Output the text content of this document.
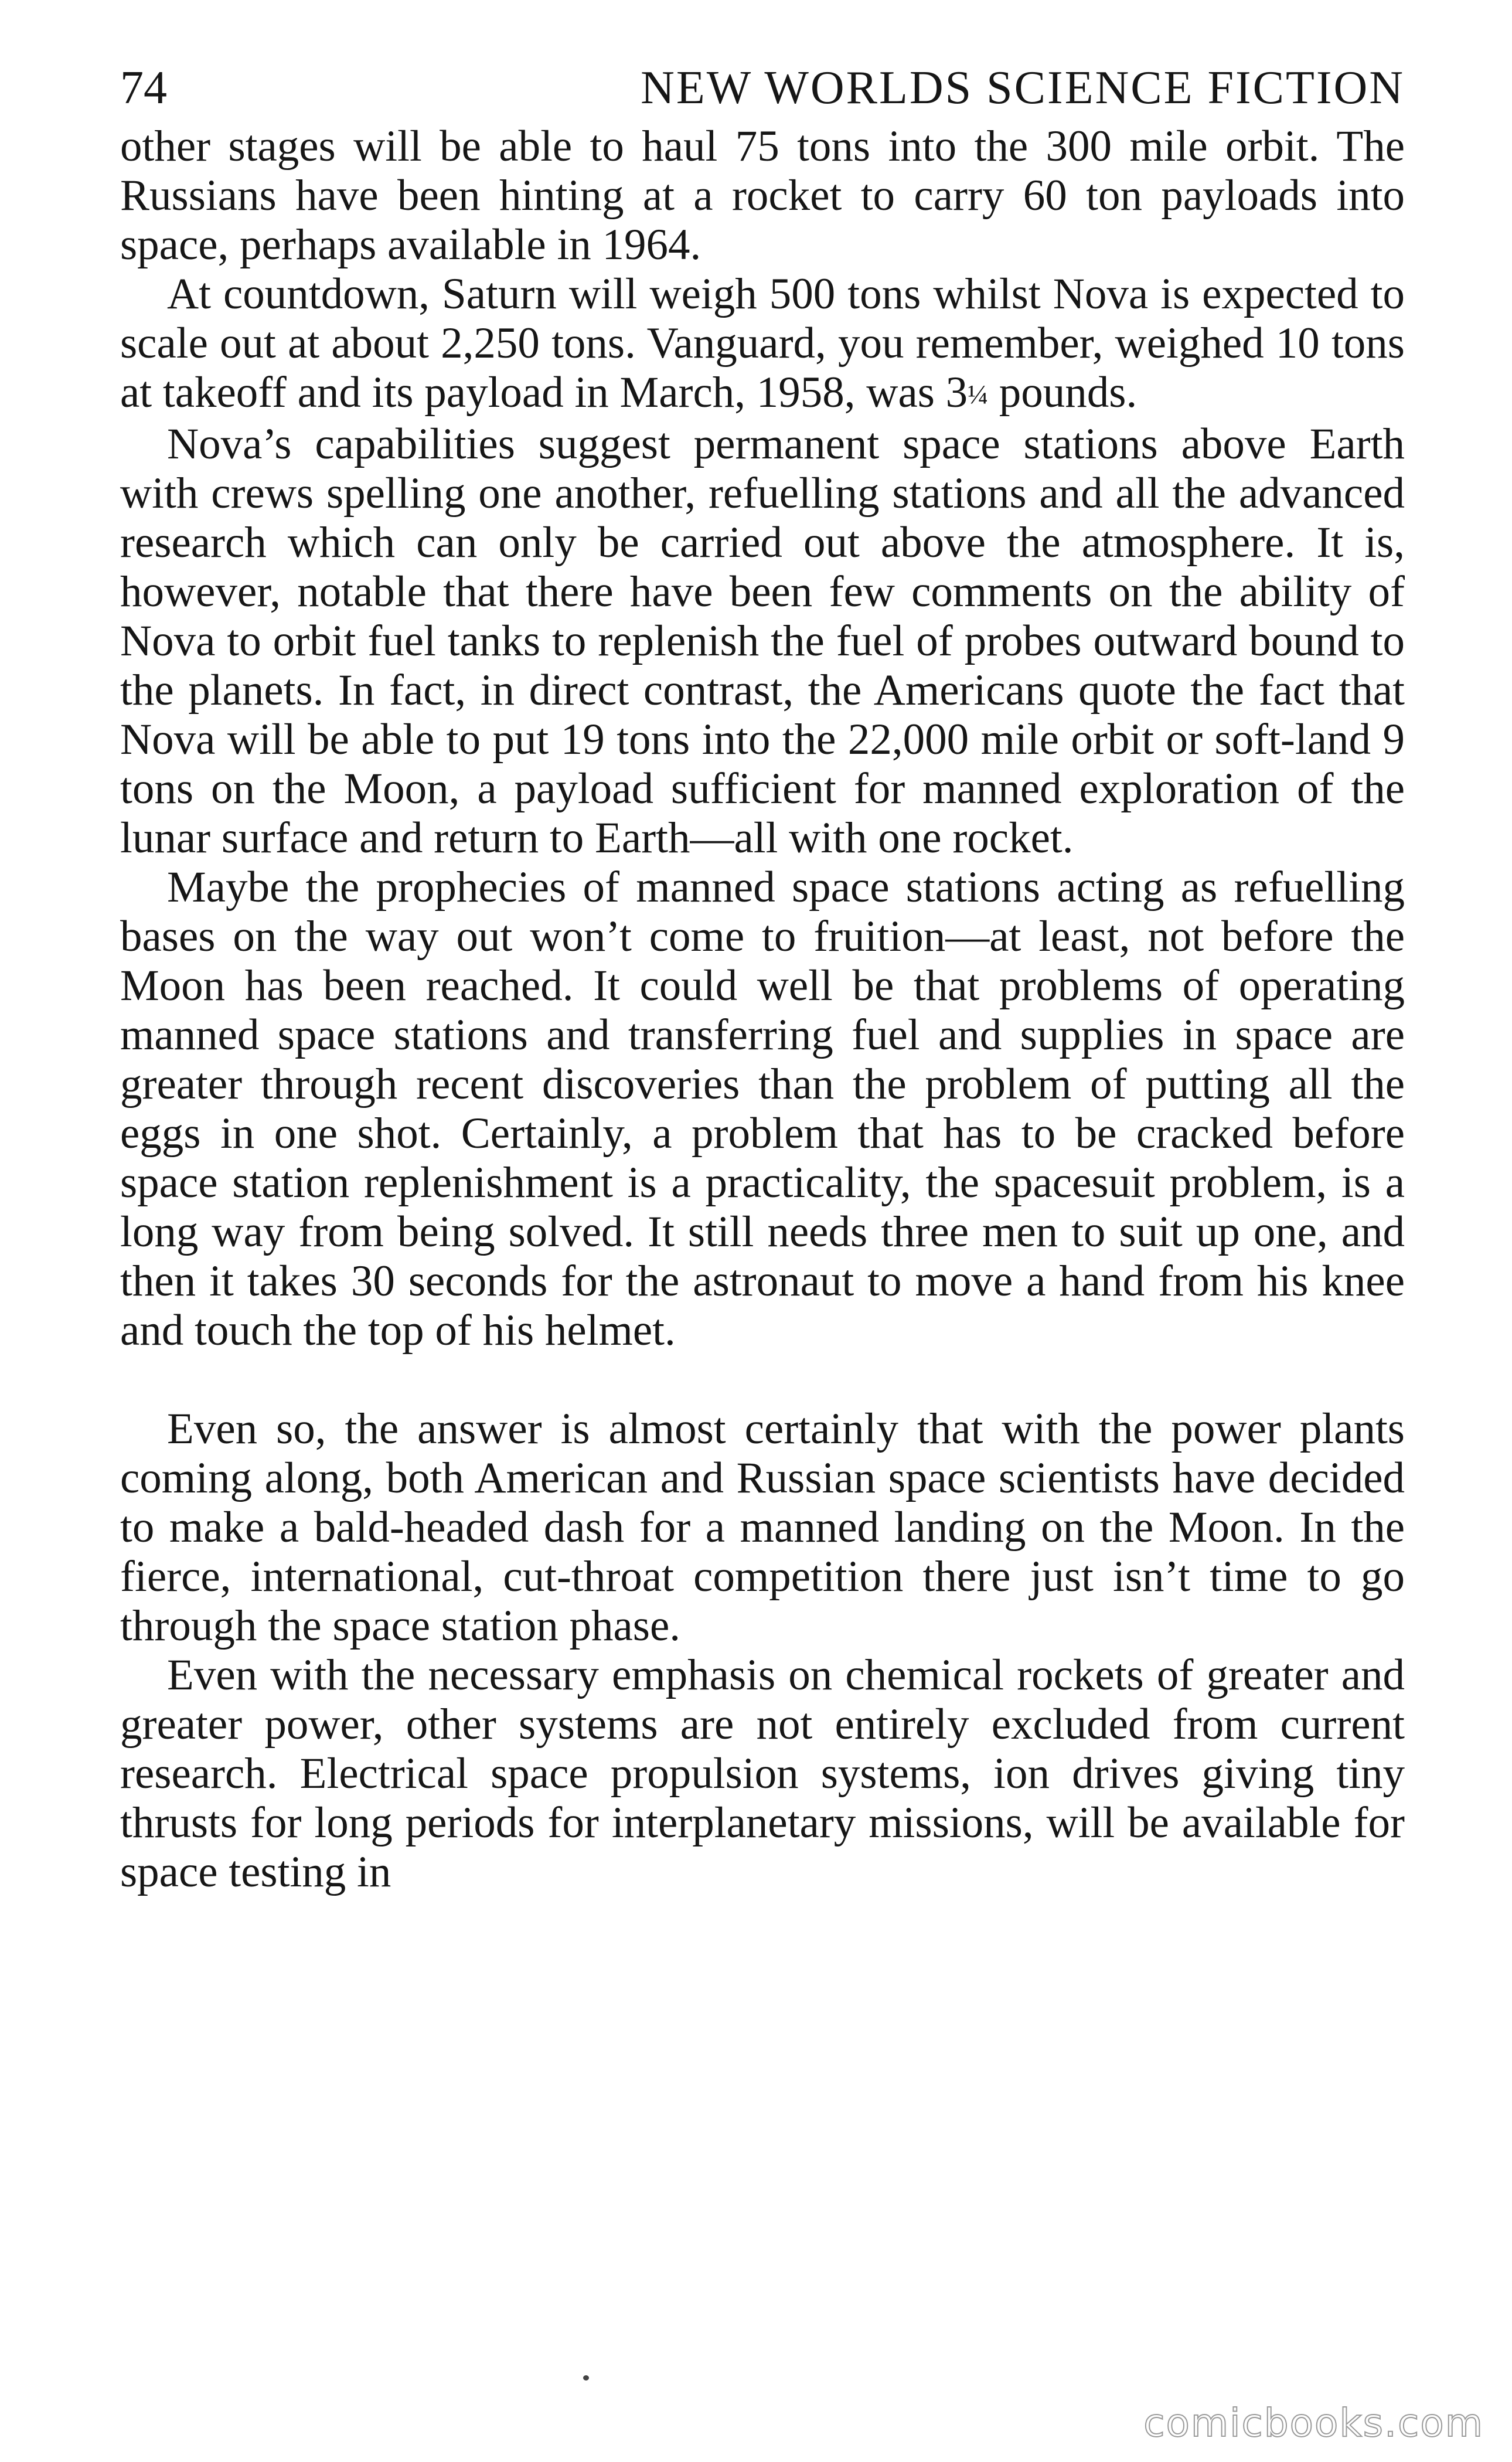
74	NEW WORLDS SCIENCE FICTION

other stages will be able to haul 75 tons into the 300 mile orbit. The Russians have been hinting at a rocket to carry 60 ton payloads into space, perhaps available in 1964.

At countdown, Saturn will weigh 500 tons whilst Nova is expected to scale out at about 2,250 tons. Vanguard, you remember, weighed 10 tons at takeoff and its payload in March, 1958, was 3¼ pounds.

Nova’s capabilities suggest permanent space stations above Earth with crews spelling one another, refuelling stations and all the advanced research which can only be carried out above the atmosphere. It is, however, notable that there have been few comments on the ability of Nova to orbit fuel tanks to replenish the fuel of probes outward bound to the planets. In fact, in direct contrast, the Americans quote the fact that Nova will be able to put 19 tons into the 22,000 mile orbit or soft-land 9 tons on the Moon, a payload sufficient for manned exploration of the lunar surface and return to Earth—all with one rocket.

Maybe the prophecies of manned space stations acting as refuelling bases on the way out won’t come to fruition—at least, not before the Moon has been reached. It could well be that problems of operating manned space stations and transferring fuel and supplies in space are greater through recent discoveries than the problem of putting all the eggs in one shot. Certainly, a problem that has to be cracked before space station replenishment is a practicality, the spacesuit problem, is a long way from being solved. It still needs three men to suit up one, and then it takes 30 seconds for the astronaut to move a hand from his knee and touch the top of his helmet.

Even so, the answer is almost certainly that with the power plants coming along, both American and Russian space scientists have decided to make a bald-headed dash for a manned landing on the Moon. In the fierce, international, cut-throat competition there just isn’t time to go through the space station phase.

Even with the necessary emphasis on chemical rockets of greater and greater power, other systems are not entirely excluded from current research. Electrical space propulsion systems, ion drives giving tiny thrusts for long periods for interplanetary missions, will be available for space testing in

comicbooks.com
